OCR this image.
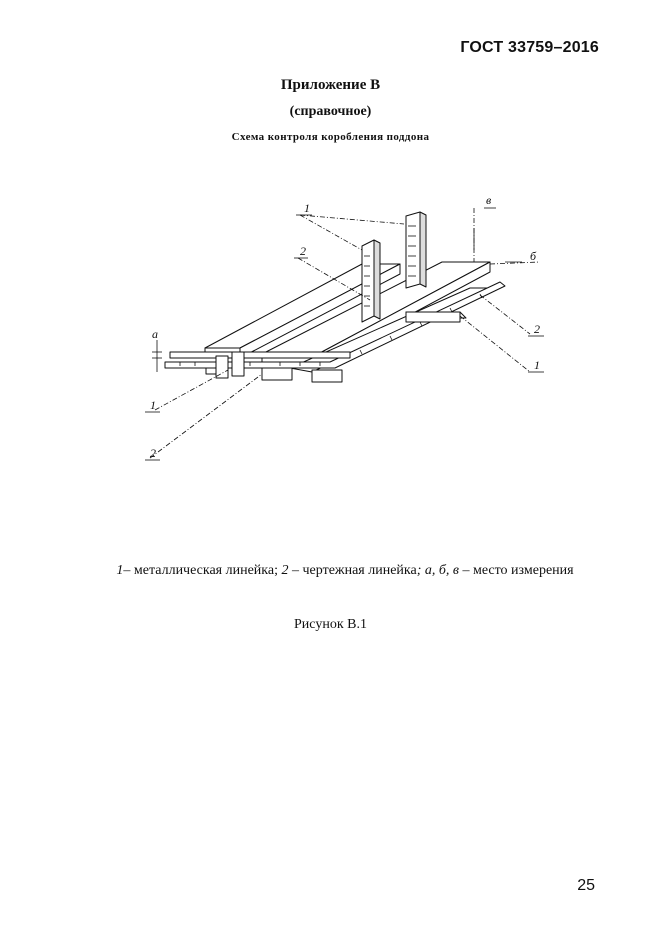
ГОСТ 33759–2016
Приложение В
(справочное)
Схема контроля коробления поддона
1
2
а
1
2
в
б
2
1
1– металлическая линейка; 2 – чертежная линейка; а, б, в – место измерения
Рисунок В.1
25
